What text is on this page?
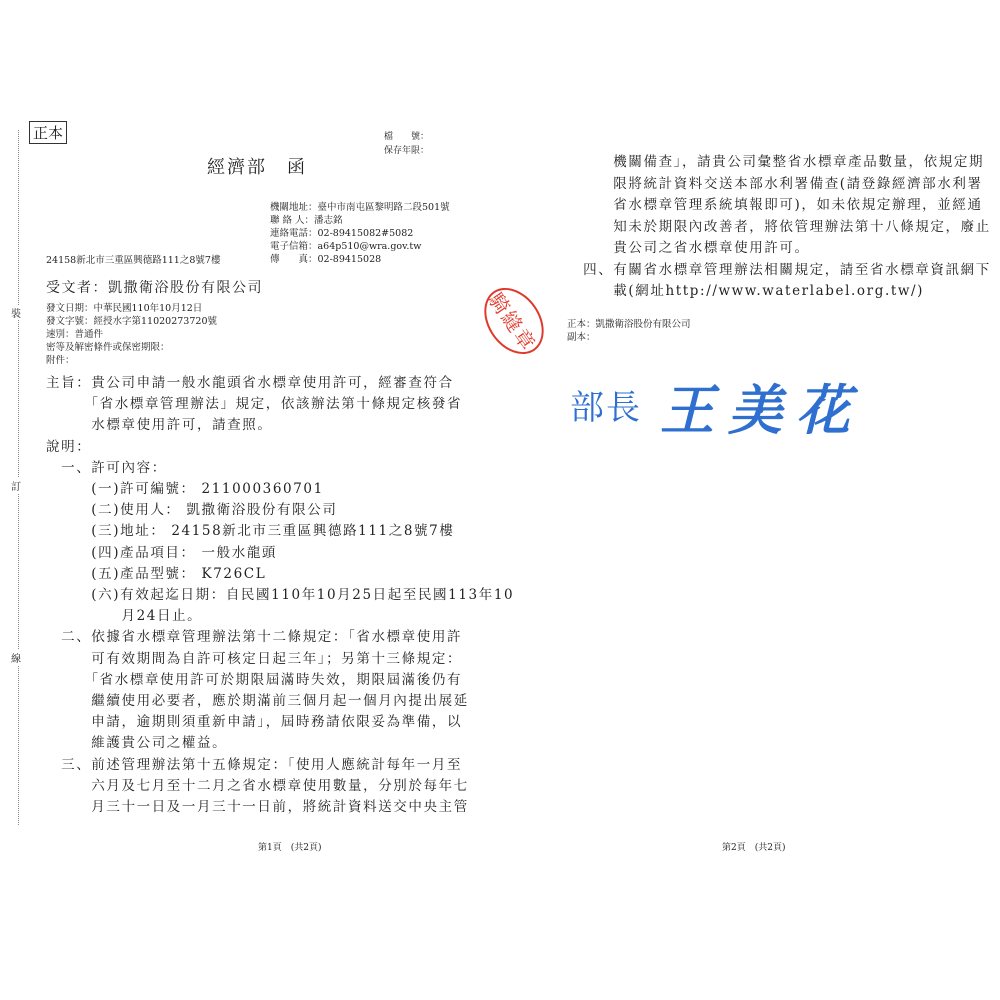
裝
訂
線
正本	檔　　號：
保存年限：
經濟部　函
機關地址：臺中市南屯區黎明路二段501號
聯 絡 人：潘志銘
連絡電話：02-89415082#5082
電子信箱：a64p510@wra.gov.tw
傳　　真：02-89415028
24158新北市三重區興德路111之8號7樓
受文者：凱撒衛浴股份有限公司
發文日期：中華民國110年10月12日
發文字號：經授水字第11020273720號
速別：普通件
密等及解密條件或保密期限：
附件：
主旨：貴公司申請一般水龍頭省水標章使用許可，經審查符合
　　　「省水標章管理辦法」規定，依該辦法第十條規定核發省
　　　水標章使用許可，請查照。
說明：
　一、許可內容：
　　　(一)許可編號： 211000360701
　　　(二)使用人： 凱撒衛浴股份有限公司
　　　(三)地址： 24158新北市三重區興德路111之8號7樓
　　　(四)產品項目： 一般水龍頭
　　　(五)產品型號： K726CL
　　　(六)有效起迄日期：自民國110年10月25日起至民國113年10
　　　　　月24日止。
　二、依據省水標章管理辦法第十二條規定：「省水標章使用許
　　　可有效期間為自許可核定日起三年」；另第十三條規定：
　　　「省水標章使用許可於期限屆滿時失效，期限屆滿後仍有
　　　繼續使用必要者，應於期滿前三個月起一個月內提出展延
　　　申請，逾期則須重新申請」，屆時務請依限妥為準備，以
　　　維護貴公司之權益。
　三、前述管理辦法第十五條規定：「使用人應統計每年一月至
　　　六月及七月至十二月之省水標章使用數量，分別於每年七
　　　月三十一日及一月三十一日前，將統計資料送交中央主管
第1頁　(共2頁)
　　　機關備查」，請貴公司彙整省水標章產品數量，依規定期
　　　限將統計資料交送本部水利署備查(請登錄經濟部水利署
　　　省水標章管理系統填報即可)，如未依規定辦理，並經通
　　　知未於期限內改善者，將依管理辦法第十八條規定，廢止
　　　貴公司之省水標章使用許可。
　四、有關省水標章管理辦法相關規定，請至省水標章資訊網下
　　　載(網址http://www.waterlabel.org.tw/)
正本：凱撒衛浴股份有限公司
副本：
騎縫章
部長 王美花
第2頁　(共2頁)
